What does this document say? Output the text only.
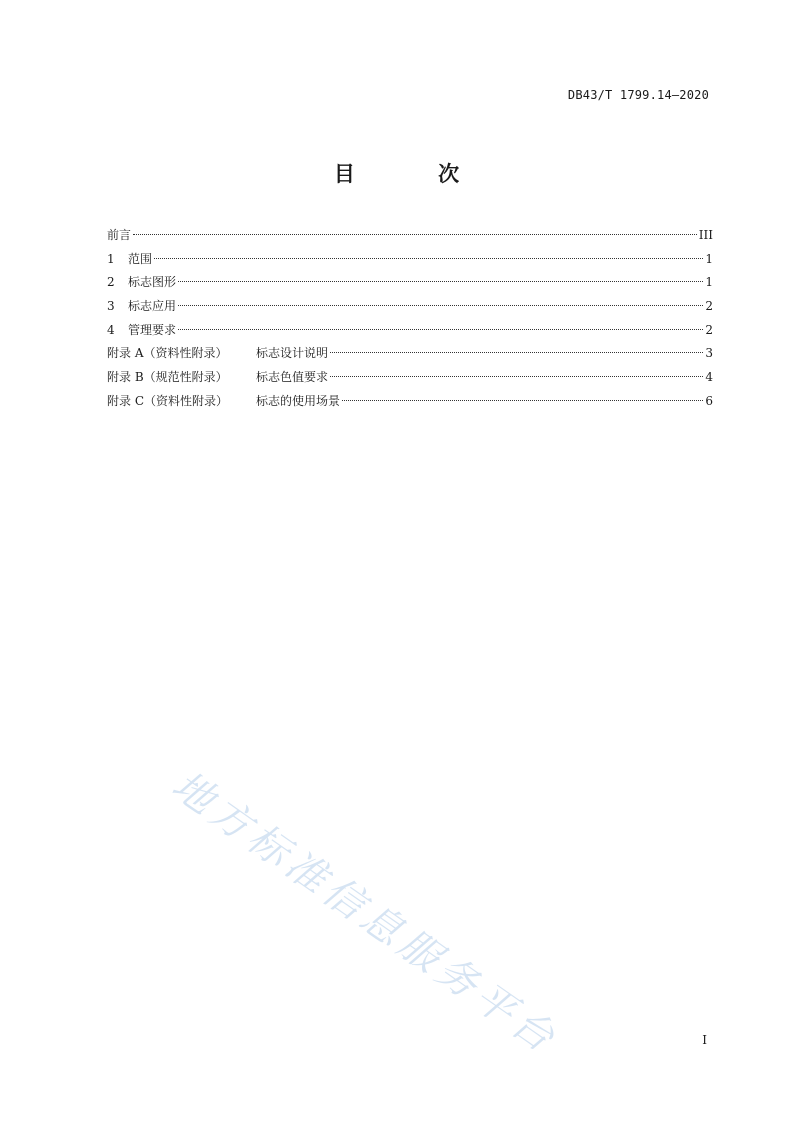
DB43/T 1799.14—2020
目 次
前言	III
1	范围	1
2	标志图形	1
3	标志应用	2
4	管理要求	2
附录 A（资料性附录）	标志设计说明	3
附录 B（规范性附录）	标志色值要求	4
附录 C（资料性附录）	标志的使用场景	6
地方标准信息服务平台	I
